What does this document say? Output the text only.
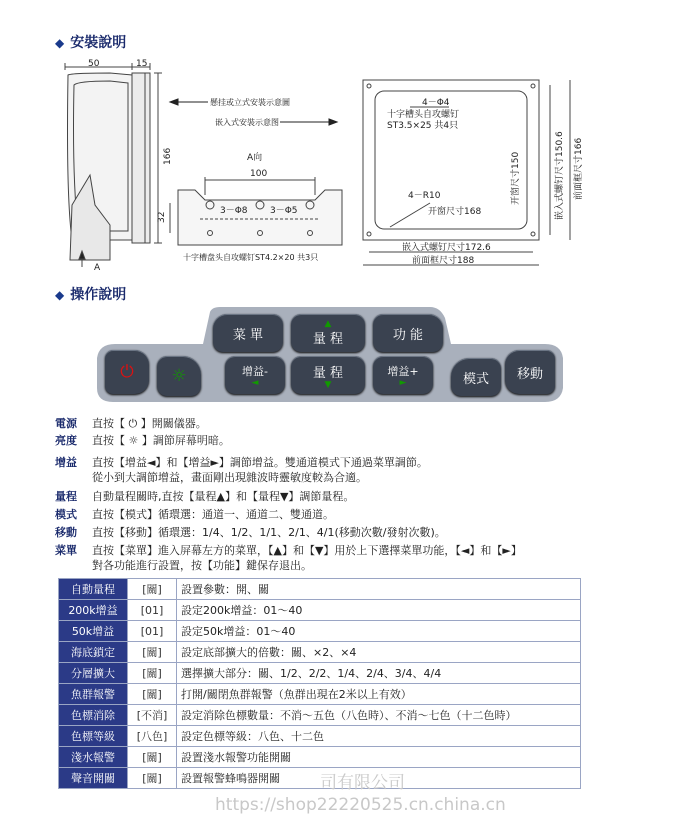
◆ 安裝說明
50	15
166
A
懸挂或立式安裝示意圖
嵌入式安裝示意图
A向
100
32
3－Φ8 3－Φ5
十字槽盘头自攻螺钉ST4.2×20 共3只
4－Φ4
十字槽头自攻螺钉
ST3.5×25 共4只
开窗尺寸150	嵌入式螺钉尺寸150.6 前面框尺寸166
4－R10
开窗尺寸168
嵌入式螺钉尺寸172.6
前面框尺寸188
◆ 操作說明
⏻ ☼
菜 單
▲
量 程	功 能
增益-
◄
量 程
▼
增益+
►	模式 移動
電源 直按【 ⏻ 】開關儀器。
亮度 直按【 ☼ 】調節屏幕明暗。
增益 直按【增益◄】和【增益►】調節增益。雙通道模式下通過菜單調節。
從小到大調節增益，畫面剛出現雜波時靈敏度較為合適。
量程 自動量程關時,直按【量程▲】和【量程▼】調節量程。
模式 直按【模式】循環選：通道一、通道二、雙通道。
移動 直按【移動】循環選：1/4、1/2、1/1、2/1、4/1(移動次數/發射次數)。
菜單 直按【菜單】進入屏幕左方的菜單，【▲】和【▼】用於上下選擇菜單功能，【◄】和【►】
對各功能進行設置，按【功能】鍵保存退出。
自動量程	[關]	設置參數：開、關
200k增益	[01]	設定200k增益：01～40
50k增益	[01]	設定50k增益：01～40
海底鎖定	[關]	設定底部擴大的倍數：關、×2、×4
分層擴大	[關]	選擇擴大部分：關、1/2、2/2、1/4、2/4、3/4、4/4
魚群報警	[關]	打開/關閉魚群報警（魚群出現在2米以上有效）
色標消除	[不消]	設定消除色標數量：不消～五色（八色時）、不消～七色（十二色時）
色標等級	[八色]	設定色標等級：八色、十二色
淺水報警	[關]	設置淺水報警功能開關
聲音開關	[關]	設置報警蜂鳴器開關 司有限公司
https://shop22220525.cn.china.cn
